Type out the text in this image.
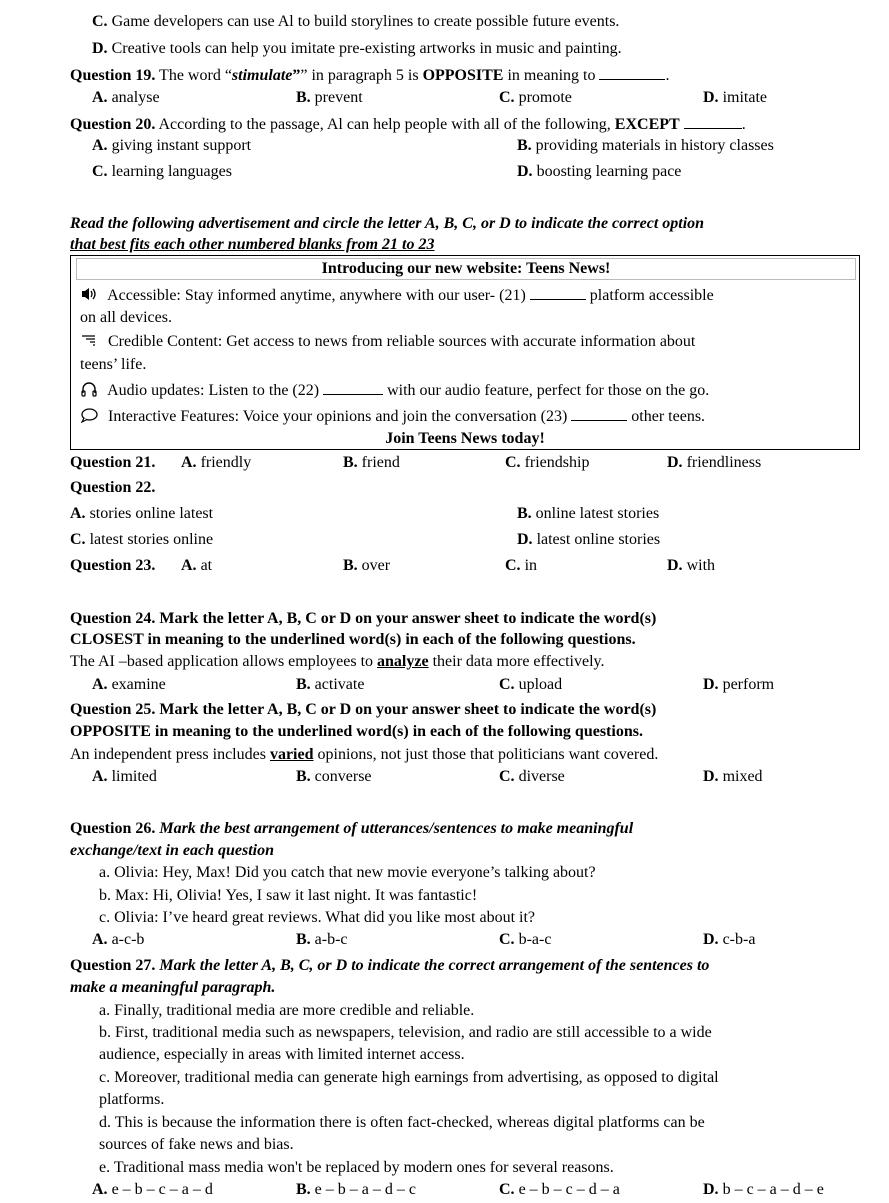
C. Game developers can use Al to build storylines to create possible future events.
D. Creative tools can help you imitate pre-existing artworks in music and painting.
Question 19. The word “stimulate”” in paragraph 5 is OPPOSITE in meaning to	.
A. analyse	B. prevent	C. promote	D. imitate
Question 20. According to the passage, Al can help people with all of the following, EXCEPT	.
A. giving instant support	B. providing materials in history classes
C. learning languages	D. boosting learning pace
Read the following advertisement and circle the letter A, B, C, or D to indicate the correct option
that best fits each other numbered blanks from 21 to 23
Introducing our new website: Teens News!
Accessible: Stay informed anytime, anywhere with our user- (21)	platform accessible
on all devices.
Credible Content: Get access to news from reliable sources with accurate information about
teens’ life.
Audio updates: Listen to the (22)	with our audio feature, perfect for those on the go.
Interactive Features: Voice your opinions and join the conversation (23)	other teens.
Join Teens News today!
Question 21. A. friendly	B. friend	C. friendship	D. friendliness
Question 22.
A. stories online latest	B. online latest stories
C. latest stories online	D. latest online stories
Question 23. A. at	B. over	C. in	D. with
Question 24. Mark the letter A, B, C or D on your answer sheet to indicate the word(s)
CLOSEST in meaning to the underlined word(s) in each of the following questions.
The AI –based application allows employees to analyze their data more effectively.
A. examine	B. activate	C. upload	D. perform
Question 25. Mark the letter A, B, C or D on your answer sheet to indicate the word(s)
OPPOSITE in meaning to the underlined word(s) in each of the following questions.
An independent press includes varied opinions, not just those that politicians want covered.
A. limited	B. converse	C. diverse	D. mixed
Question 26. Mark the best arrangement of utterances/sentences to make meaningful
exchange/text in each question
a. Olivia: Hey, Max! Did you catch that new movie everyone’s talking about?
b. Max: Hi, Olivia! Yes, I saw it last night. It was fantastic!
c. Olivia: I’ve heard great reviews. What did you like most about it?
A. a-c-b	B. a-b-c	C. b-a-c	D. c-b-a
Question 27. Mark the letter A, B, C, or D to indicate the correct arrangement of the sentences to
make a meaningful paragraph.
a. Finally, traditional media are more credible and reliable.
b. First, traditional media such as newspapers, television, and radio are still accessible to a wide
audience, especially in areas with limited internet access.
c. Moreover, traditional media can generate high earnings from advertising, as opposed to digital
platforms.
d. This is because the information there is often fact-checked, whereas digital platforms can be
sources of fake news and bias.
e. Traditional mass media won't be replaced by modern ones for several reasons.
A. e – b – c – a – d	B. e – b – a – d – c	C. e – b – c – d – a	D. b – c – a – d – e
